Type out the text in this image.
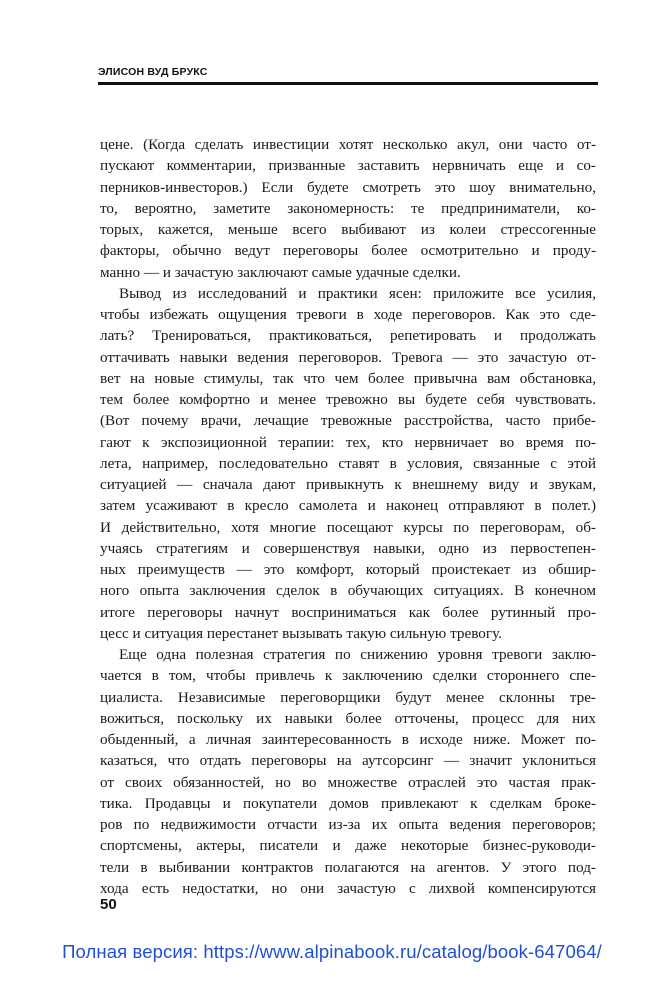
ЭЛИСОН ВУД БРУКС
цене. (Когда сделать инвестиции хотят несколько акул, они часто от-
пускают комментарии, призванные заставить нервничать еще и со-
перников-инвесторов.) Если будете смотреть это шоу внимательно,
то, вероятно, заметите закономерность: те предприниматели, ко-
торых, кажется, меньше всего выбивают из колеи стрессогенные
факторы, обычно ведут переговоры более осмотрительно и проду-
манно — и зачастую заключают самые удачные сделки.
Вывод из исследований и практики ясен: приложите все усилия,
чтобы избежать ощущения тревоги в ходе переговоров. Как это сде-
лать? Тренироваться, практиковаться, репетировать и продолжать
оттачивать навыки ведения переговоров. Тревога — это зачастую от-
вет на новые стимулы, так что чем более привычна вам обстановка,
тем более комфортно и менее тревожно вы будете себя чувствовать.
(Вот почему врачи, лечащие тревожные расстройства, часто прибе-
гают к экспозиционной терапии: тех, кто нервничает во время по-
лета, например, последовательно ставят в условия, связанные с этой
ситуацией — сначала дают привыкнуть к внешнему виду и звукам,
затем усаживают в кресло самолета и наконец отправляют в полет.)
И действительно, хотя многие посещают курсы по переговорам, об-
учаясь стратегиям и совершенствуя навыки, одно из первостепен-
ных преимуществ — это комфорт, который проистекает из обшир-
ного опыта заключения сделок в обучающих ситуациях. В конечном
итоге переговоры начнут восприниматься как более рутинный про-
цесс и ситуация перестанет вызывать такую сильную тревогу.
Еще одна полезная стратегия по снижению уровня тревоги заклю-
чается в том, чтобы привлечь к заключению сделки стороннего спе-
циалиста. Независимые переговорщики будут менее склонны тре-
вожиться, поскольку их навыки более отточены, процесс для них
обыденный, а личная заинтересованность в исходе ниже. Может по-
казаться, что отдать переговоры на аутсорсинг — значит уклониться
от своих обязанностей, но во множестве отраслей это частая прак-
тика. Продавцы и покупатели домов привлекают к сделкам броке-
ров по недвижимости отчасти из-за их опыта ведения переговоров;
спортсмены, актеры, писатели и даже некоторые бизнес-руководи-
тели в выбивании контрактов полагаются на агентов. У этого под-
хода есть недостатки, но они зачастую с лихвой компенсируются
50
Полная версия: https://www.alpinabook.ru/catalog/book-647064/
